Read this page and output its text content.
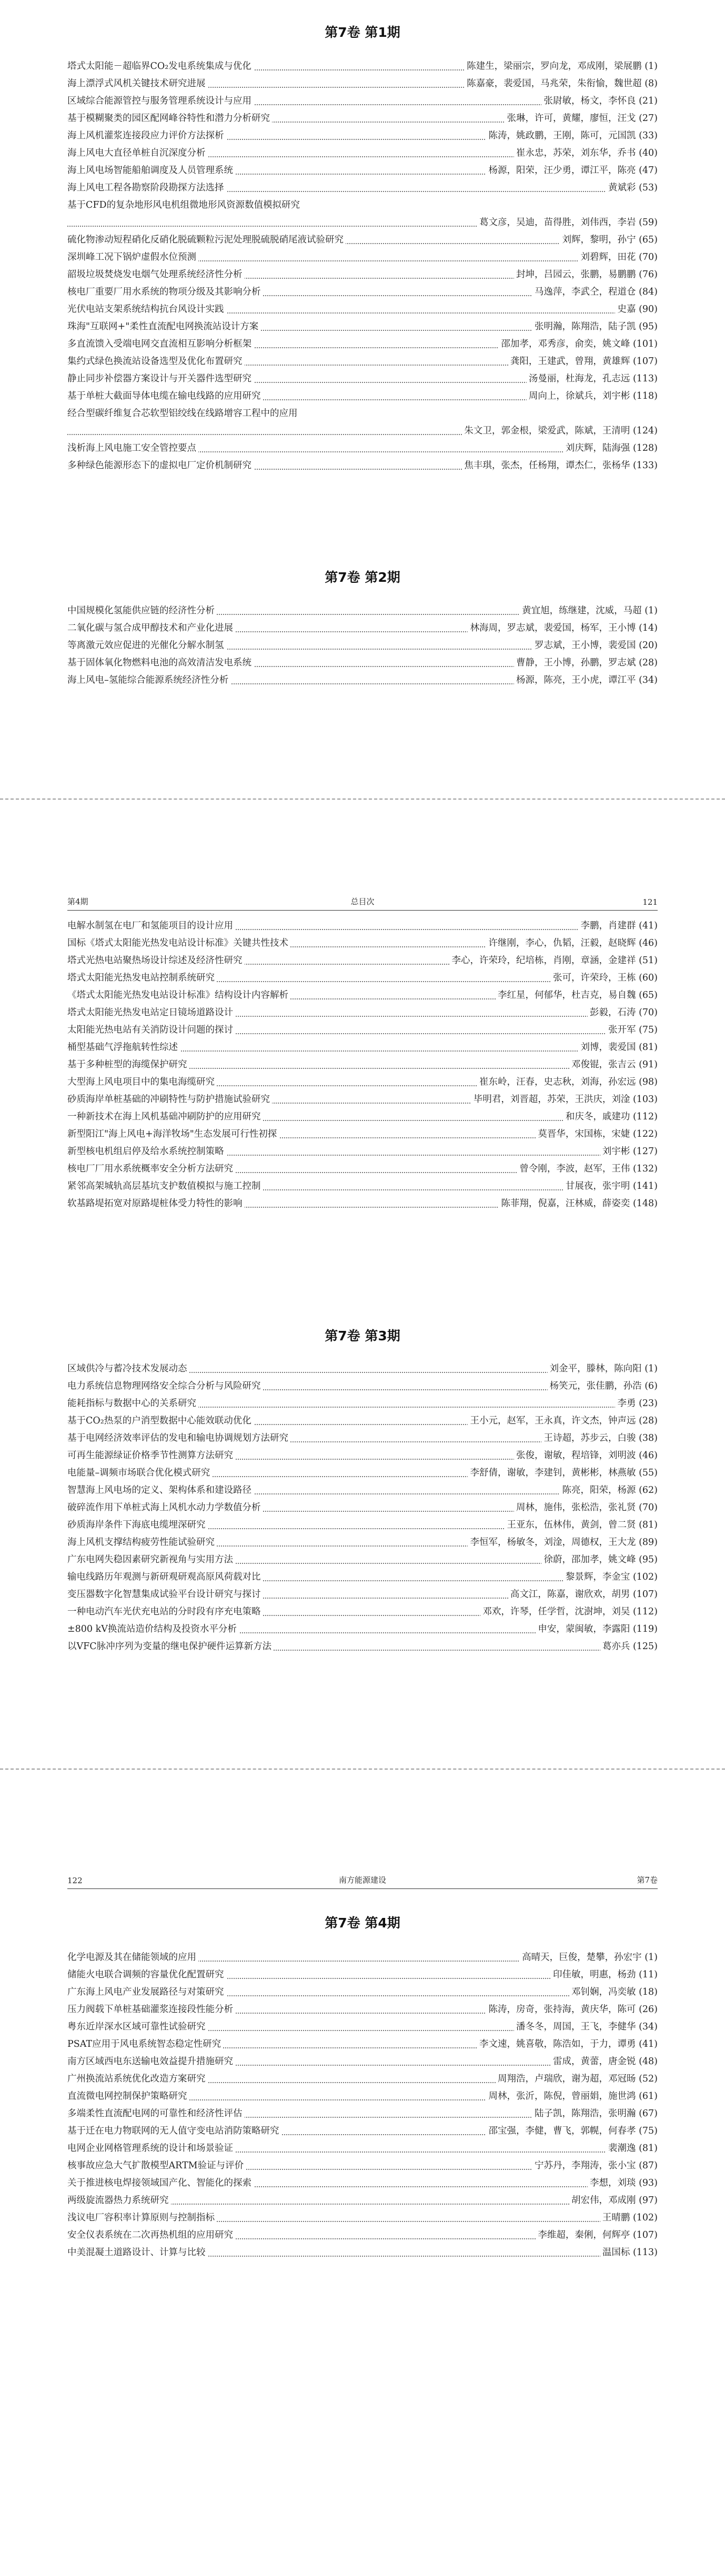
第7卷 第1期
塔式太阳能－超临界CO₂发电系统集成与优化	陈建生，梁丽宗，罗向龙，邓成刚，梁展鹏 (1)
海上漂浮式风机关键技术研究进展	陈嘉豪，裴爱国，马兆荣，朱衔愉，魏世超 (8)
区域综合能源管控与服务管理系统设计与应用	张尉敏，杨文，李怀良 (21)
基于模糊聚类的园区配网峰谷特性和潜力分析研究	张琳，许可，黄耀，廖恒，汪戈 (27)
海上风机灌浆连接段应力评价方法探析	陈涛，姚政鹏，王刚，陈可，元国凯 (33)
海上风电大直径单桩自沉深度分析	崔永忠，苏荣，刘东华，乔书 (40)
海上风电场智能船舶调度及人员管理系统	杨源，阳荣，汪少勇，谭江平，陈亮 (47)
海上风电工程各勘察阶段勘探方法选择	黄斌彩 (53)
基于CFD的复杂地形风电机组微地形风资源数值模拟研究
葛文彦，吴迪，苗得胜，刘伟西，李岩 (59)
硫化物渗动短程硝化反硝化脱硫颗粒污泥处理脱硫脱硝尾液试验研究	刘辉，黎明，孙宁 (65)
深圳峰工况下锅炉虚假水位预测	刘碧辉，田花 (70)
韶圾垃圾焚烧发电烟气处理系统经济性分析	封坤，吕园云，张鹏，易鹏鹏 (76)
核电厂重要厂用水系统的物项分级及其影响分析	马逸萍，李武仝，程道仓 (84)
光伏电站支架系统结构抗台风设计实践	史嘉 (90)
珠海"互联网+"柔性直流配电网换流站设计方案	张明瀚，陈翔浩，陆子凯 (95)
多直流馈入受端电网交直流相互影响分析框架	邵加孝，邓秀彦，俞奕，姚文峰 (101)
集约式绿色换流站设备选型及优化布置研究	龚阳，王建武，曾翔，黄雄辉 (107)
静止同步补偿器方案设计与开关器件选型研究	汤曼丽，杜海龙，孔志远 (113)
基于单桩大截面导体电缆在输电线路的应用研究	周向上，徐斌兵，刘宇彬 (118)
经合型碳纤维复合芯软型铝绞线在线路增容工程中的应用
朱文卫，郭金根，梁爱武，陈斌，王清明 (124)
浅析海上风电施工安全管控要点	刘庆辉，陆海强 (128)
多种绿色能源形态下的虚拟电厂定价机制研究	焦丰琪，张杰，任杨翔，谭杰仁，张杨华 (133)
第7卷 第2期
中国规模化氢能供应链的经济性分析	黄宜旭，练继建，沈威，马超 (1)
二氧化碳与氢合成甲醇技术和产业化进展	林海周，罗志斌，裴爱国，杨军，王小博 (14)
等离激元效应促进的光催化分解水制氢	罗志斌，王小博，裴爱国 (20)
基于固体氧化物燃料电池的高效清洁发电系统	曹静，王小博，孙鹏，罗志斌 (28)
海上风电–氢能综合能源系统经济性分析	杨源，陈亮，王小虎，谭江平 (34)
第4期	总目次	121
电解水制氢在电厂和氢能项目的设计应用	李鹏，肖建群 (41)
国标《塔式太阳能光热发电站设计标准》关键共性技术	许继刚，李心，仇韬，汪毅，赵晓辉 (46)
塔式光热电站聚热场设计综述及经济性研究	李心，许荣玲，纪培栋，肖刚，章涵，金建祥 (51)
塔式太阳能光热发电站控制系统研究	张可，许荣玲，王栋 (60)
《塔式太阳能光热发电站设计标准》结构设计内容解析	李红星，何郁华，杜吉克，易自魏 (65)
塔式太阳能光热发电站定日镜场道路设计	彭毅，石涛 (70)
太阳能光热电站有关消防设计问题的探讨	张开军 (75)
桶型基础气浮拖航转性综述	刘博，裴爱国 (81)
基于多种桩型的海缆保护研究	邓俊锟，张吉云 (91)
大型海上风电项目中的集电海缆研究	崔东岭，汪春，史志秋，刘海，孙宏远 (98)
砂质海岸单桩基础的冲刷特性与防护措施试验研究	毕明君，刘晋超，苏荣，王洪庆，刘淦 (103)
一种新技术在海上风机基础冲刷防护的应用研究	和庆冬，戚建功 (112)
新型阳江"海上风电+海洋牧场"生态发展可行性初探	莫晋华，宋国栋，宋婕 (122)
新型核电机组启停及给水系统控制策略	刘宇彬 (127)
核电厂厂用水系统概率安全分析方法研究	曾令刚，李波，赵军，王伟 (132)
紧邻高架城轨高层基坑支护数值模拟与施工控制	甘展夜，张宇明 (141)
软基路堤拓宽对原路堤桩体受力特性的影响	陈菲翔，倪嘉，汪林威，薛姿奕 (148)
第7卷 第3期
区域供冷与蓄冷技术发展动态	刘金平，滕林，陈向阳 (1)
电力系统信息物理网络安全综合分析与风险研究	杨笑元，张佳鹏，孙浩 (6)
能耗指标与数据中心的关系研究	李勇 (23)
基于CO₂热泵的户消型数据中心能效联动优化	王小元，赵军，王永真，许文杰，钟声远 (28)
基于电网经济效率评估的发电和输电协调规划方法研究	王诗超，苏步云，白骏 (38)
可再生能源绿证价格季节性测算方法研究	张俊，谢敏，程培锋，刘明波 (46)
电能量–调频市场联合优化模式研究	李舒倩，谢敏，李建钊，黄彬彬，林燕敏 (55)
智慧海上风电场的定义、架构体系和建设路径	陈亮，阳荣，杨源 (62)
破碎流作用下单桩式海上风机水动力学数值分析	周林，施伟，张松浩，张礼贤 (70)
砂质海岸条件下海底电缆埋深研究	王亚东，伍林伟，黄剑，曾二贤 (81)
海上风机支撑结构疲劳性能试验研究	李恒军，杨敏冬，刘淦，周德权，王大龙 (89)
广东电网失稳因素研究新视角与实用方法	徐蔚，邵加孝，姚文峰 (95)
输电线路历年观测与新研观研观高原风荷载对比	黎景辉，李金宝 (102)
变压器数字化智慧集成试验平台设计研究与探讨	高文江，陈嘉，谢欣欢，胡男 (107)
一种电动汽车光伏充电站的分时段有序充电策略	邓欢，许琴，任学哲，沈澍坤，刘吴 (112)
±800 kV换流站造价结构及投资水平分析	申安，蒙闽敏，李露阳 (119)
以VFC脉冲序列为变量的继电保护硬件运算新方法	葛亦兵 (125)
122	南方能源建设	第7卷
第7卷 第4期
化学电源及其在储能领域的应用	高晴天，巨俊，楚攀，孙宏宇 (1)
储能火电联合调频的容量优化配置研究	印佳敏，明惠，杨劲 (11)
广东海上风电产业发展路径与对策研究	邓钊娴，冯奕敏 (18)
压力阀载下单桩基础灌浆连接段性能分析	陈涛，房奇，张持海，黄庆华，陈可 (26)
粤东近岸深水区域可靠性试验研究	潘冬冬，周国，王飞，李健华 (34)
PSAT应用于风电系统智态稳定性研究	李文速，姚喜敬，陈浩如，于力，谭勇 (41)
南方区域西电东送输电效益提升措施研究	雷成，黄蕾，唐金锐 (48)
广州换流站系统优化改造方案研究	周翔浩，卢瑞欣，谢为超，邓冠旸 (52)
直流微电网控制保护策略研究	周林，张沂，陈倪，曾丽娟，施世鸿 (61)
多端柔性直流配电网的可靠性和经济性评估	陆子凯，陈翔浩，张明瀚 (67)
基于迁在电力物联网的无人值守变电站消防策略研究	邵宝强，李健，曹飞，郭幌，何春孝 (75)
电网企业网格管理系统的设计和场景验证	裴潮逸 (81)
核事故应急大气扩散模型ARTM验证与评价	宁苏丹，李翔涛，张小宝 (87)
关于推进核电焊接领域国产化、智能化的探索	李想，刘琰 (93)
两级旋流器热力系统研究	胡宏伟，邓成刚 (97)
浅议电厂容积率计算原则与控制指标	王晴鹏 (102)
安全仪表系统在二次再热机组的应用研究	李维超，秦俐，何辉亭 (107)
中美混凝土道路设计、计算与比较	温国标 (113)
